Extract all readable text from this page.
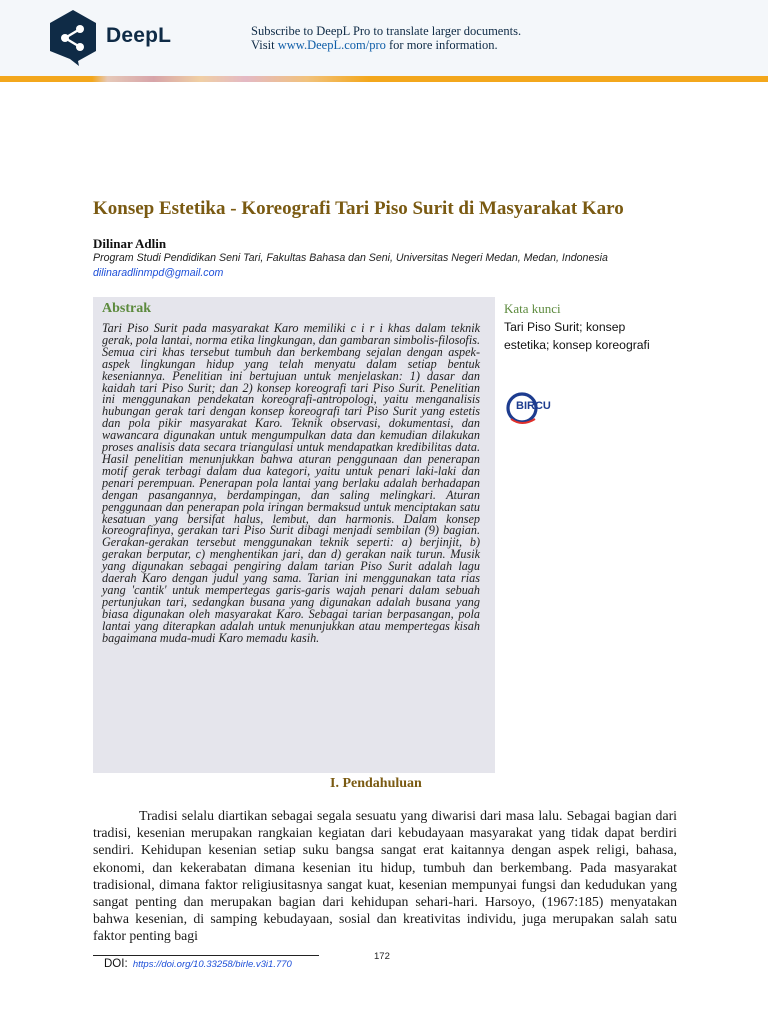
DeepL	Subscribe to DeepL Pro to translate larger documents.
Visit www.DeepL.com/pro for more information.
Konsep Estetika - Koreografi Tari Piso Surit di Masyarakat Karo
Dilinar Adlin
Program Studi Pendidikan Seni Tari, Fakultas Bahasa dan Seni, Universitas Negeri Medan, Medan, Indonesia
dilinaradlinmpd@gmail.com
Abstrak
Tari Piso Surit pada masyarakat Karo memiliki c i r i khas dalam teknik gerak, pola lantai, norma etika lingkungan, dan gambaran simbolis-filosofis. Semua ciri khas tersebut tumbuh dan berkembang sejalan dengan aspek-aspek lingkungan hidup yang telah menyatu dalam setiap bentuk keseniannya. Penelitian ini bertujuan untuk menjelaskan: 1) dasar dan kaidah tari Piso Surit; dan 2) konsep koreografi tari Piso Surit. Penelitian ini menggunakan pendekatan koreografi-antropologi, yaitu menganalisis hubungan gerak tari dengan konsep koreografi tari Piso Surit yang estetis dan pola pikir masyarakat Karo. Teknik observasi, dokumentasi, dan wawancara digunakan untuk mengumpulkan data dan kemudian dilakukan proses analisis data secara triangulasi untuk mendapatkan kredibilitas data. Hasil penelitian menunjukkan bahwa aturan penggunaan dan penerapan motif gerak terbagi dalam dua kategori, yaitu untuk penari laki-laki dan penari perempuan. Penerapan pola lantai yang berlaku adalah berhadapan dengan pasangannya, berdampingan, dan saling melingkari. Aturan penggunaan dan penerapan pola iringan bermaksud untuk menciptakan satu kesatuan yang bersifat halus, lembut, dan harmonis. Dalam konsep koreografinya, gerakan tari Piso Surit dibagi menjadi sembilan (9) bagian. Gerakan-gerakan tersebut menggunakan teknik seperti: a) berjinjit, b) gerakan berputar, c) menghentikan jari, dan d) gerakan naik turun. Musik yang digunakan sebagai pengiring dalam tarian Piso Surit adalah lagu daerah Karo dengan judul yang sama. Tarian ini menggunakan tata rias yang 'cantik' untuk mempertegas garis-garis wajah penari dalam sebuah pertunjukan tari, sedangkan busana yang digunakan adalah busana yang biasa digunakan oleh masyarakat Karo. Sebagai tarian berpasangan, pola lantai yang diterapkan adalah untuk menunjukkan atau mempertegas kisah bagaimana muda-mudi Karo memadu kasih.
Kata kunci
Tari Piso Surit; konsep estetika; konsep koreografi
BIRCU
I. Pendahuluan
Tradisi selalu diartikan sebagai segala sesuatu yang diwarisi dari masa lalu. Sebagai bagian dari tradisi, kesenian merupakan rangkaian kegiatan dari kebudayaan masyarakat yang tidak dapat berdiri sendiri. Kehidupan kesenian setiap suku bangsa sangat erat kaitannya dengan aspek religi, bahasa, ekonomi, dan kekerabatan dimana kesenian itu hidup, tumbuh dan berkembang. Pada masyarakat tradisional, dimana faktor religiusitasnya sangat kuat, kesenian mempunyai fungsi dan kedudukan yang sangat penting dan merupakan bagian dari kehidupan sehari-hari. Harsoyo, (1967:185) menyatakan bahwa kesenian, di samping kebudayaan, sosial dan kreativitas individu, juga merupakan salah satu faktor penting bagi
DOI: https://doi.org/10.33258/birle.v3i1.770
172
